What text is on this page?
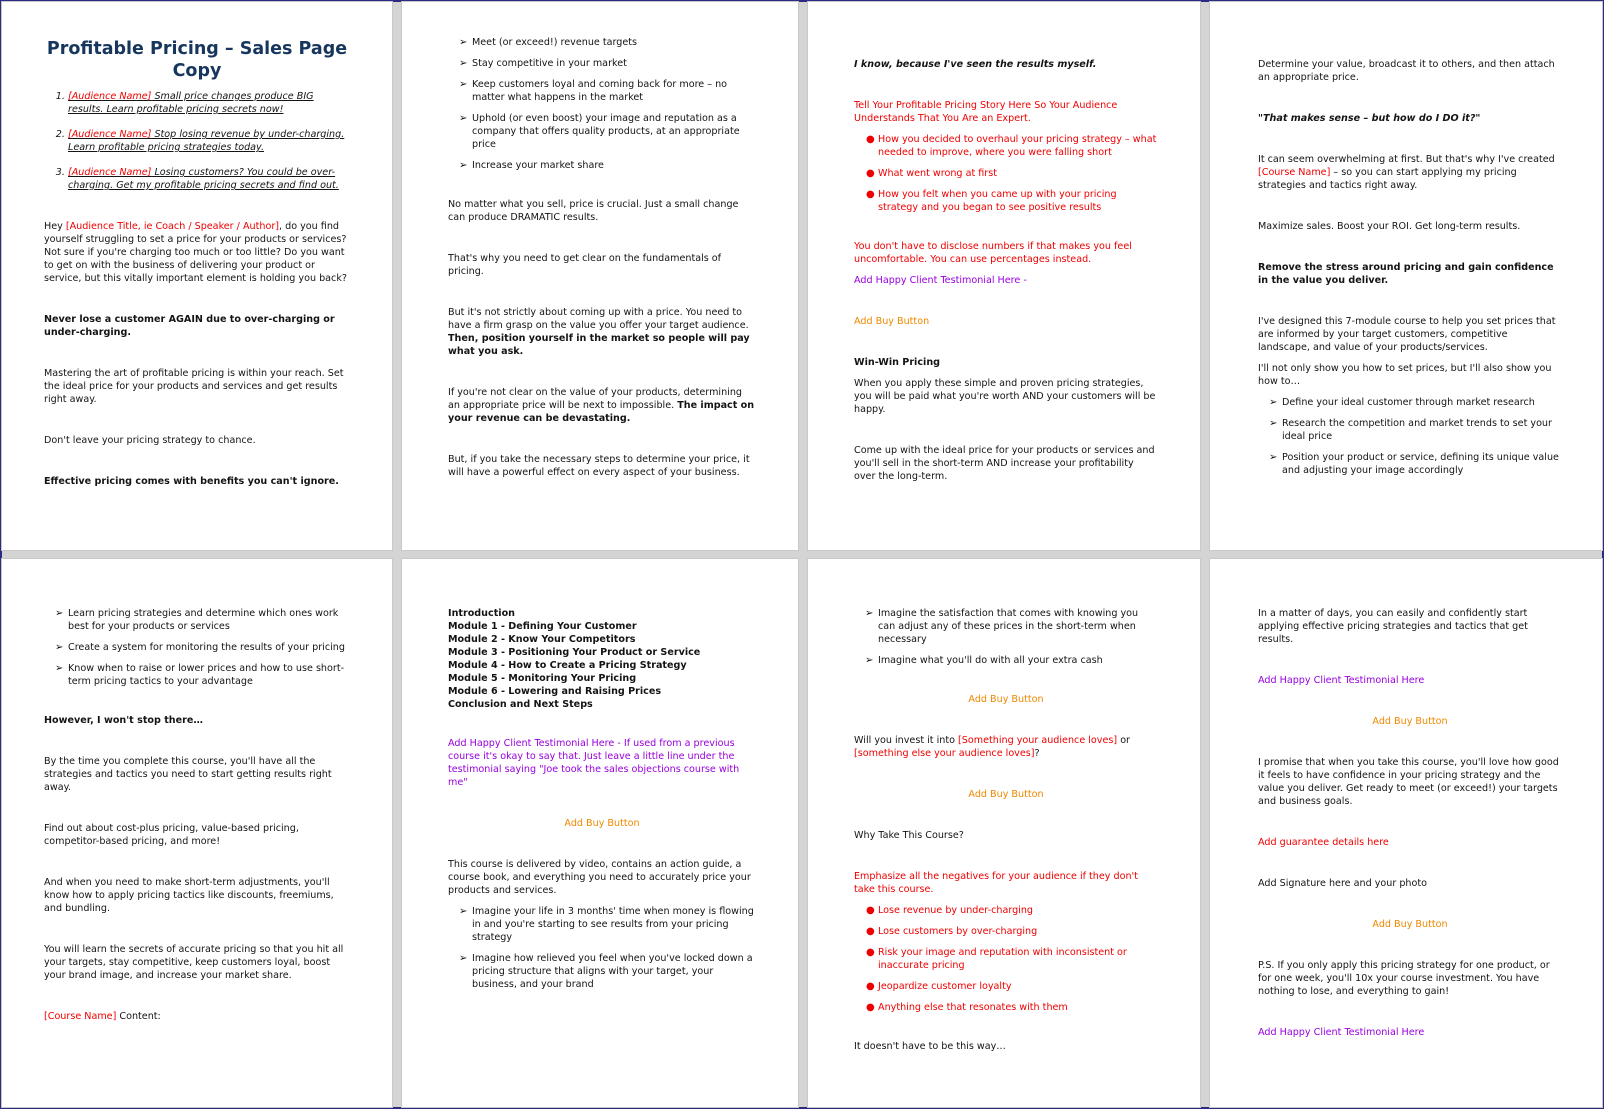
Profitable Pricing – Sales Page Copy

1. [Audience Name] Small price changes produce BIG results. Learn profitable pricing secrets now!
2. [Audience Name] Stop losing revenue by under-charging. Learn profitable pricing strategies today.
3. [Audience Name] Losing customers? You could be over-charging. Get my profitable pricing secrets and find out.

Hey [Audience Title, ie Coach / Speaker / Author], do you find yourself struggling to set a price for your products or services? Not sure if you're charging too much or too little? Do you want to get on with the business of delivering your product or service, but this vitally important element is holding you back?

Never lose a customer AGAIN due to over-charging or under-charging.

Mastering the art of profitable pricing is within your reach. Set the ideal price for your products and services and get results right away.

Don't leave your pricing strategy to chance.

Effective pricing comes with benefits you can't ignore.

➢ Meet (or exceed!) revenue targets
➢ Stay competitive in your market
➢ Keep customers loyal and coming back for more – no matter what happens in the market
➢ Uphold (or even boost) your image and reputation as a company that offers quality products, at an appropriate price
➢ Increase your market share

No matter what you sell, price is crucial. Just a small change can produce DRAMATIC results.

That's why you need to get clear on the fundamentals of pricing.

But it's not strictly about coming up with a price. You need to have a firm grasp on the value you offer your target audience. Then, position yourself in the market so people will pay what you ask.

If you're not clear on the value of your products, determining an appropriate price will be next to impossible. The impact on your revenue can be devastating.

But, if you take the necessary steps to determine your price, it will have a powerful effect on every aspect of your business.

I know, because I've seen the results myself.

Tell Your Profitable Pricing Story Here So Your Audience Understands That You Are an Expert.

● How you decided to overhaul your pricing strategy – what needed to improve, where you were falling short
● What went wrong at first
● How you felt when you came up with your pricing strategy and you began to see positive results

You don't have to disclose numbers if that makes you feel uncomfortable. You can use percentages instead.

Add Happy Client Testimonial Here -

Add Buy Button

Win-Win Pricing

When you apply these simple and proven pricing strategies, you will be paid what you're worth AND your customers will be happy.

Come up with the ideal price for your products or services and you'll sell in the short-term AND increase your profitability over the long-term.

Determine your value, broadcast it to others, and then attach an appropriate price.

"That makes sense – but how do I DO it?"

It can seem overwhelming at first. But that's why I've created [Course Name] – so you can start applying my pricing strategies and tactics right away.

Maximize sales. Boost your ROI. Get long-term results.

Remove the stress around pricing and gain confidence in the value you deliver.

I've designed this 7-module course to help you set prices that are informed by your target customers, competitive landscape, and value of your products/services.

I'll not only show you how to set prices, but I'll also show you how to…

➢ Define your ideal customer through market research
➢ Research the competition and market trends to set your ideal price
➢ Position your product or service, defining its unique value and adjusting your image accordingly
➢ Learn pricing strategies and determine which ones work best for your products or services
➢ Create a system for monitoring the results of your pricing
➢ Know when to raise or lower prices and how to use short-term pricing tactics to your advantage

However, I won't stop there…

By the time you complete this course, you'll have all the strategies and tactics you need to start getting results right away.

Find out about cost-plus pricing, value-based pricing, competitor-based pricing, and more!

And when you need to make short-term adjustments, you'll know how to apply pricing tactics like discounts, freemiums, and bundling.

You will learn the secrets of accurate pricing so that you hit all your targets, stay competitive, keep customers loyal, boost your brand image, and increase your market share.

[Course Name] Content:

Introduction

Module 1 - Defining Your Customer

Module 2 - Know Your Competitors

Module 3 - Positioning Your Product or Service

Module 4 - How to Create a Pricing Strategy

Module 5 - Monitoring Your Pricing

Module 6 - Lowering and Raising Prices

Conclusion and Next Steps

Add Happy Client Testimonial Here - If used from a previous course it's okay to say that. Just leave a little line under the testimonial saying "Joe took the sales objections course with me"

Add Buy Button

This course is delivered by video, contains an action guide, a course book, and everything you need to accurately price your products and services.

➢ Imagine your life in 3 months' time when money is flowing in and you're starting to see results from your pricing strategy
➢ Imagine how relieved you feel when you've locked down a pricing structure that aligns with your target, your business, and your brand
➢ Imagine the satisfaction that comes with knowing you can adjust any of these prices in the short-term when necessary
➢ Imagine what you'll do with all your extra cash

Add Buy Button

Will you invest it into [Something your audience loves] or [something else your audience loves]?

Add Buy Button

Why Take This Course?

Emphasize all the negatives for your audience if they don't take this course.

● Lose revenue by under-charging
● Lose customers by over-charging
● Risk your image and reputation with inconsistent or inaccurate pricing
● Jeopardize customer loyalty
● Anything else that resonates with them

It doesn't have to be this way…

In a matter of days, you can easily and confidently start applying effective pricing strategies and tactics that get results.

Add Happy Client Testimonial Here

Add Buy Button

I promise that when you take this course, you'll love how good it feels to have confidence in your pricing strategy and the value you deliver. Get ready to meet (or exceed!) your targets and business goals.

Add guarantee details here

Add Signature here and your photo

Add Buy Button

P.S. If you only apply this pricing strategy for one product, or for one week, you'll 10x your course investment. You have nothing to lose, and everything to gain!

Add Happy Client Testimonial Here
